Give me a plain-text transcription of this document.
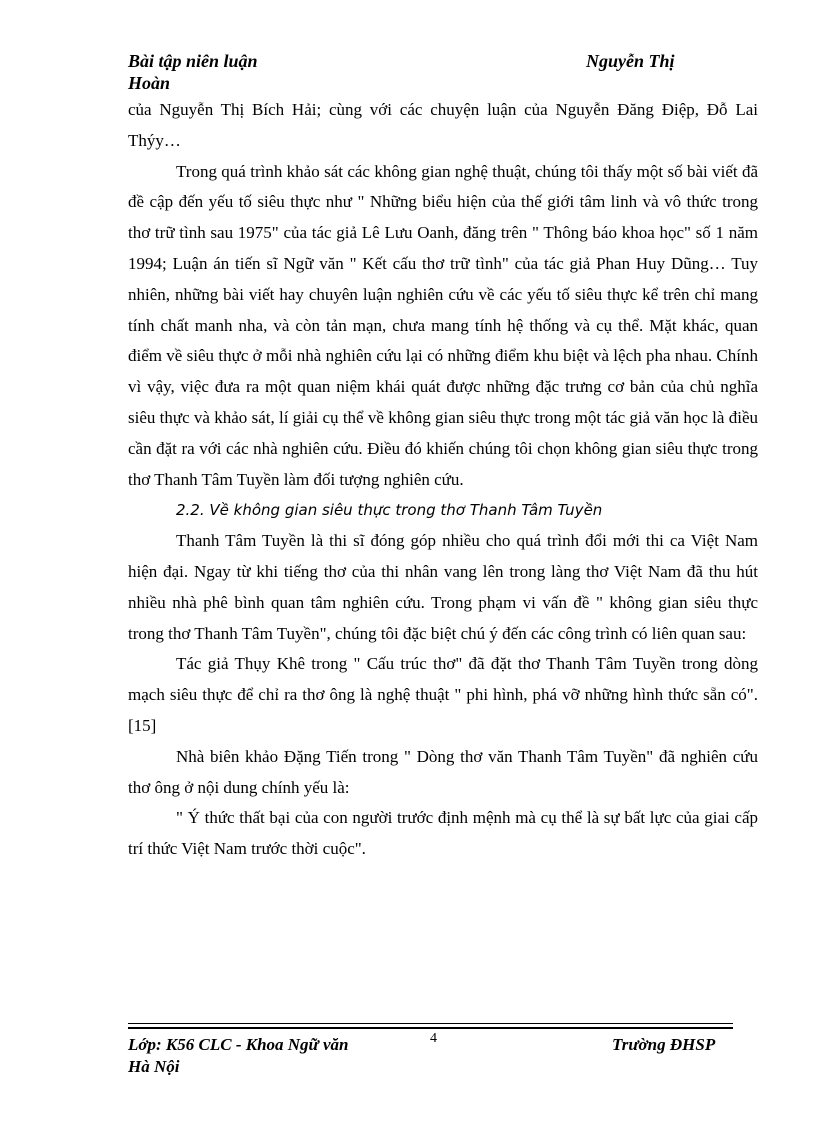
Bài tập niên luận	Nguyễn Thị
Hoàn

của Nguyễn Thị Bích Hải; cùng với các chuyện luận của Nguyễn Đăng Điệp, Đỗ Lai Thýy…

Trong quá trình khảo sát các không gian nghệ thuật, chúng tôi thấy một số bài viết đã đề cập đến yếu tố siêu thực như " Những biểu hiện của thế giới tâm linh và vô thức trong thơ trữ tình sau 1975" của tác giả Lê Lưu Oanh, đăng trên " Thông báo khoa học" số 1 năm 1994; Luận án tiến sĩ Ngữ văn " Kết cấu thơ trữ tình" của tác giả Phan Huy Dũng… Tuy nhiên, những bài viết hay chuyên luận nghiên cứu về các yếu tố siêu thực kể trên chỉ mang tính chất manh nha, và còn tản mạn, chưa mang tính hệ thống và cụ thể. Mặt khác, quan điểm về siêu thực ở mỗi nhà nghiên cứu lại có những điểm khu biệt và lệch pha nhau. Chính vì vậy, việc đưa ra một quan niệm khái quát được những đặc trưng cơ bản của chủ nghĩa siêu thực và khảo sát, lí giải cụ thể về không gian siêu thực trong một tác giả văn học là điều cần đặt ra với các nhà nghiên cứu. Điều đó khiến chúng tôi chọn không gian siêu thực trong thơ Thanh Tâm Tuyền làm đối tượng nghiên cứu.

2.2. Về không gian siêu thực trong thơ Thanh Tâm Tuyền

Thanh Tâm Tuyền là thi sĩ đóng góp nhiều cho quá trình đổi mới thi ca Việt Nam hiện đại. Ngay từ khi tiếng thơ của thi nhân vang lên trong làng thơ Việt Nam đã thu hút nhiều nhà phê bình quan tâm nghiên cứu. Trong phạm vi vấn đề " không gian siêu thực trong thơ Thanh Tâm Tuyền", chúng tôi đặc biệt chú ý đến các công trình có liên quan sau:

Tác giả Thụy Khê trong " Cấu trúc thơ" đã đặt thơ Thanh Tâm Tuyền trong dòng mạch siêu thực để chỉ ra thơ ông là nghệ thuật " phi hình, phá vỡ những hình thức sẵn có".[15]

Nhà biên khảo Đặng Tiến trong " Dòng thơ văn Thanh Tâm Tuyền" đã nghiên cứu thơ ông ở nội dung chính yếu là:

" Ý thức thất bại của con người trước định mệnh mà cụ thể là sự bất lực của giai cấp trí thức Việt Nam trước thời cuộc".

Lớp: K56 CLC - Khoa Ngữ văn
Hà Nội
4	Trường ĐHSP
